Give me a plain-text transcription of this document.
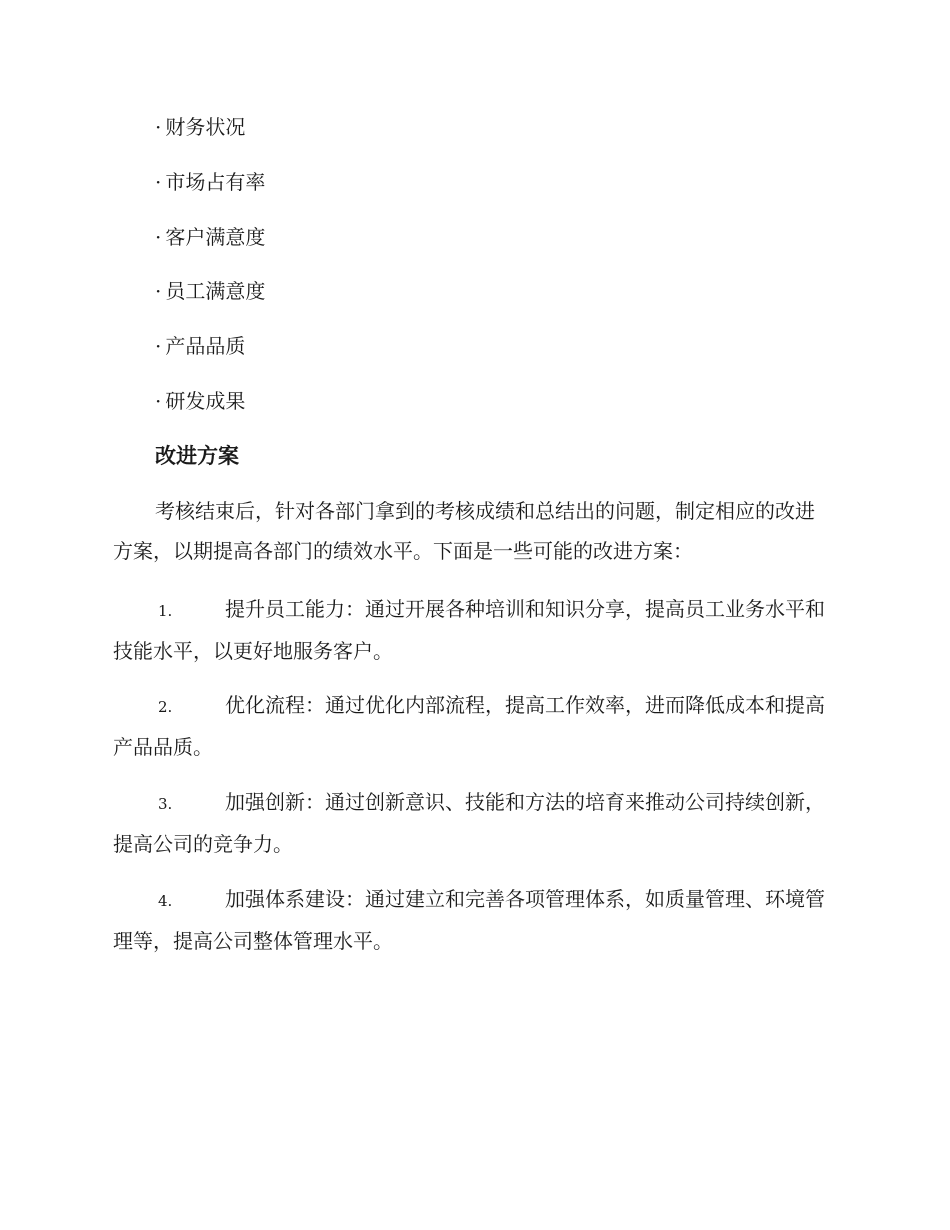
· 财务状况
· 市场占有率
· 客户满意度
· 员工满意度
· 产品品质
· 研发成果
改进方案

考核结束后，针对各部门拿到的考核成绩和总结出的问题，制定相应的改进方案，以期提高各部门的绩效水平。下面是一些可能的改进方案：

1.	提升员工能力：通过开展各种培训和知识分享，提高员工业务水平和技能水平，以更好地服务客户。

2.	优化流程：通过优化内部流程，提高工作效率，进而降低成本和提高产品品质。

3.	加强创新：通过创新意识、技能和方法的培育来推动公司持续创新，提高公司的竞争力。

4.	加强体系建设：通过建立和完善各项管理体系，如质量管理、环境管理等，提高公司整体管理水平。
